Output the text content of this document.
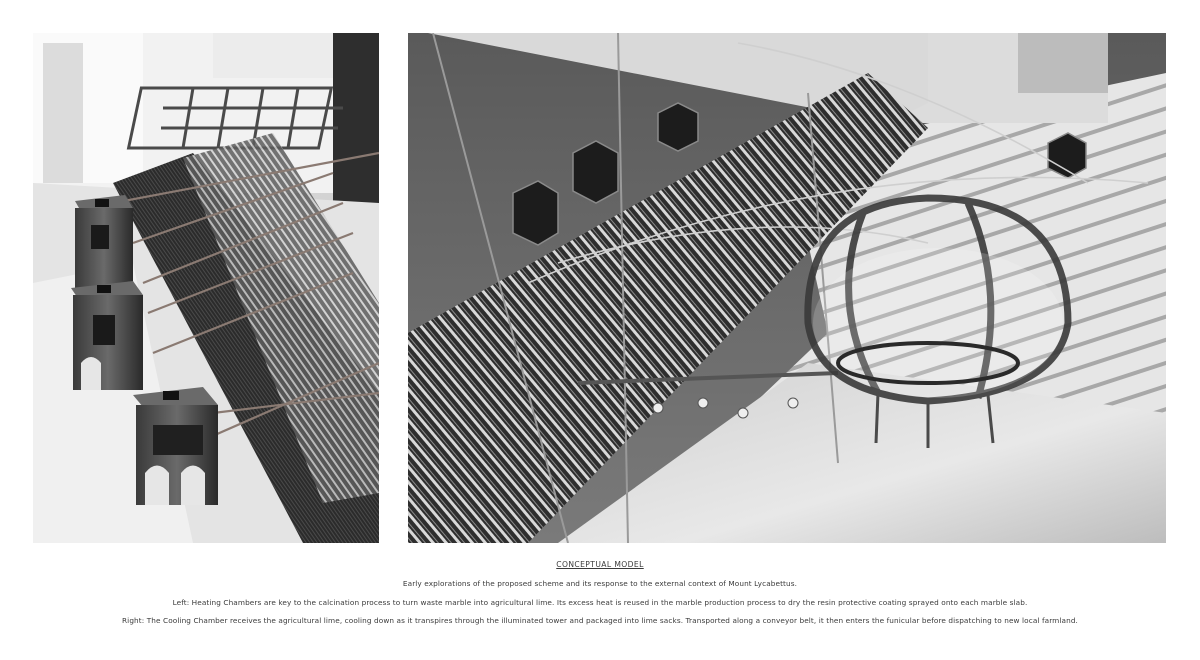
CONCEPTUAL MODEL
Early explorations of the proposed scheme and its response to the external context of Mount Lycabettus.
Left: Heating Chambers are key to the calcination process to turn waste marble into agricultural lime. Its excess heat is reused in the marble production process to dry the resin protective coating sprayed onto each marble slab.
Right: The Cooling Chamber receives the agricultural lime, cooling down as it transpires through the illuminated tower and packaged into lime sacks. Transported along a conveyor belt, it then enters the funicular before dispatching to new local farmland.
